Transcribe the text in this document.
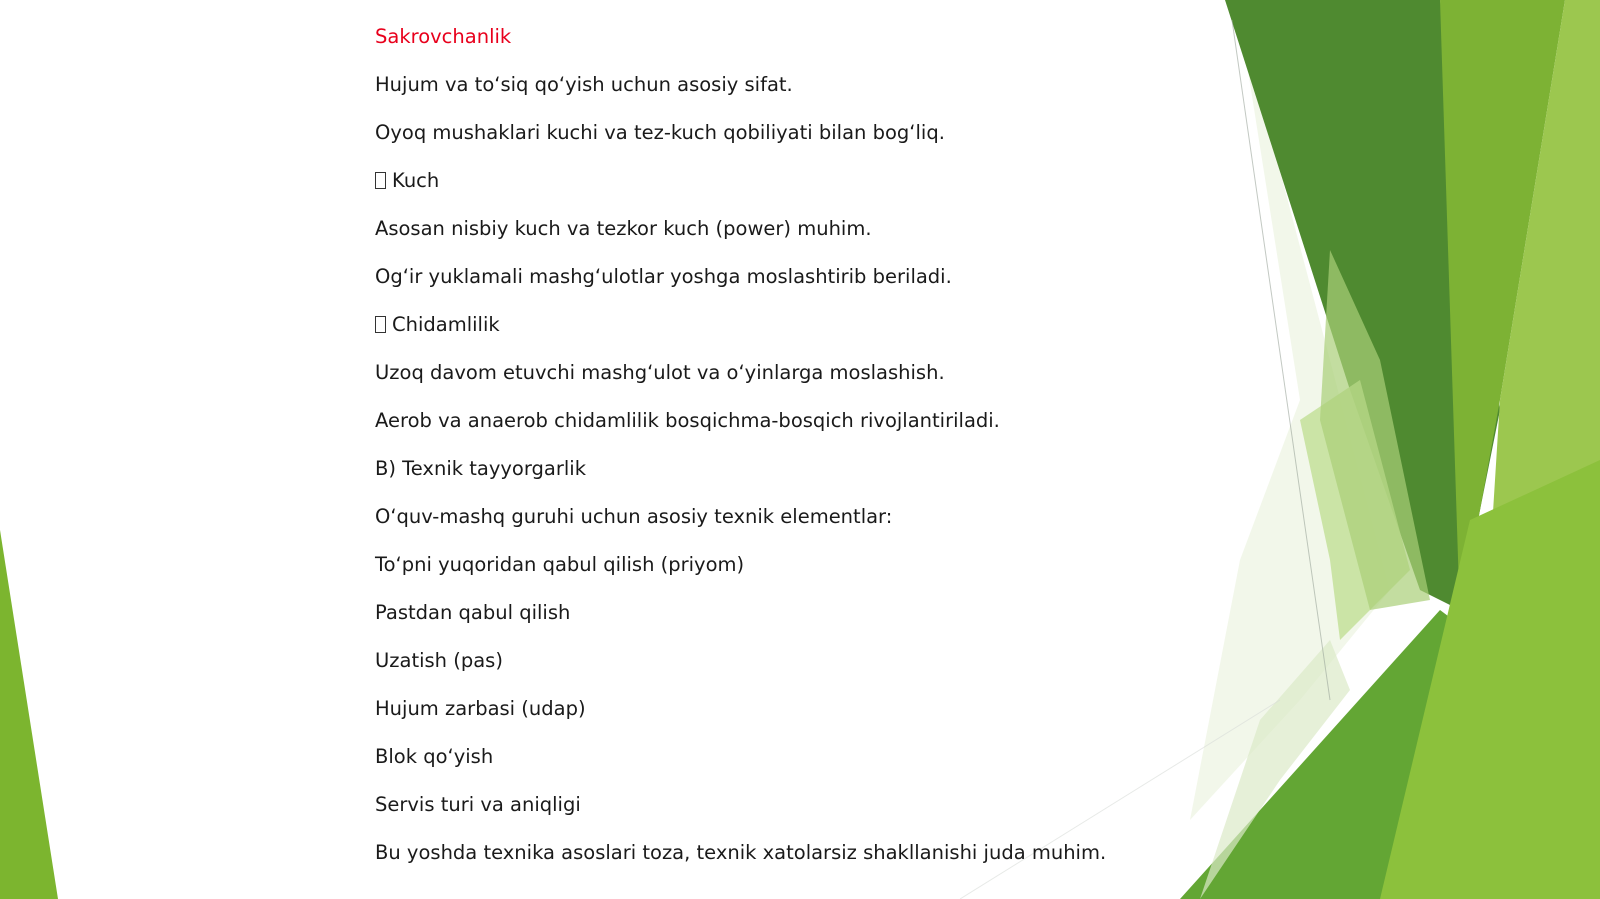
Sakrovchanlik
Hujum va to‘siq qo‘yish uchun asosiy sifat.
Oyoq mushaklari kuchi va tez-kuch qobiliyati bilan bog‘liq.
Kuch
Asosan nisbiy kuch va tezkor kuch (power) muhim.
Og‘ir yuklamali mashg‘ulotlar yoshga moslashtirib beriladi.
Chidamlilik
Uzoq davom etuvchi mashg‘ulot va o‘yinlarga moslashish.
Aerob va anaerob chidamlilik bosqichma-bosqich rivojlantiriladi.
B) Texnik tayyorgarlik
O‘quv-mashq guruhi uchun asosiy texnik elementlar:
To‘pni yuqoridan qabul qilish (priyom)
Pastdan qabul qilish
Uzatish (pas)
Hujum zarbasi (udap)
Blok qo‘yish
Servis turi va aniqligi
Bu yoshda texnika asoslari toza, texnik xatolarsiz shakllanishi juda muhim.
